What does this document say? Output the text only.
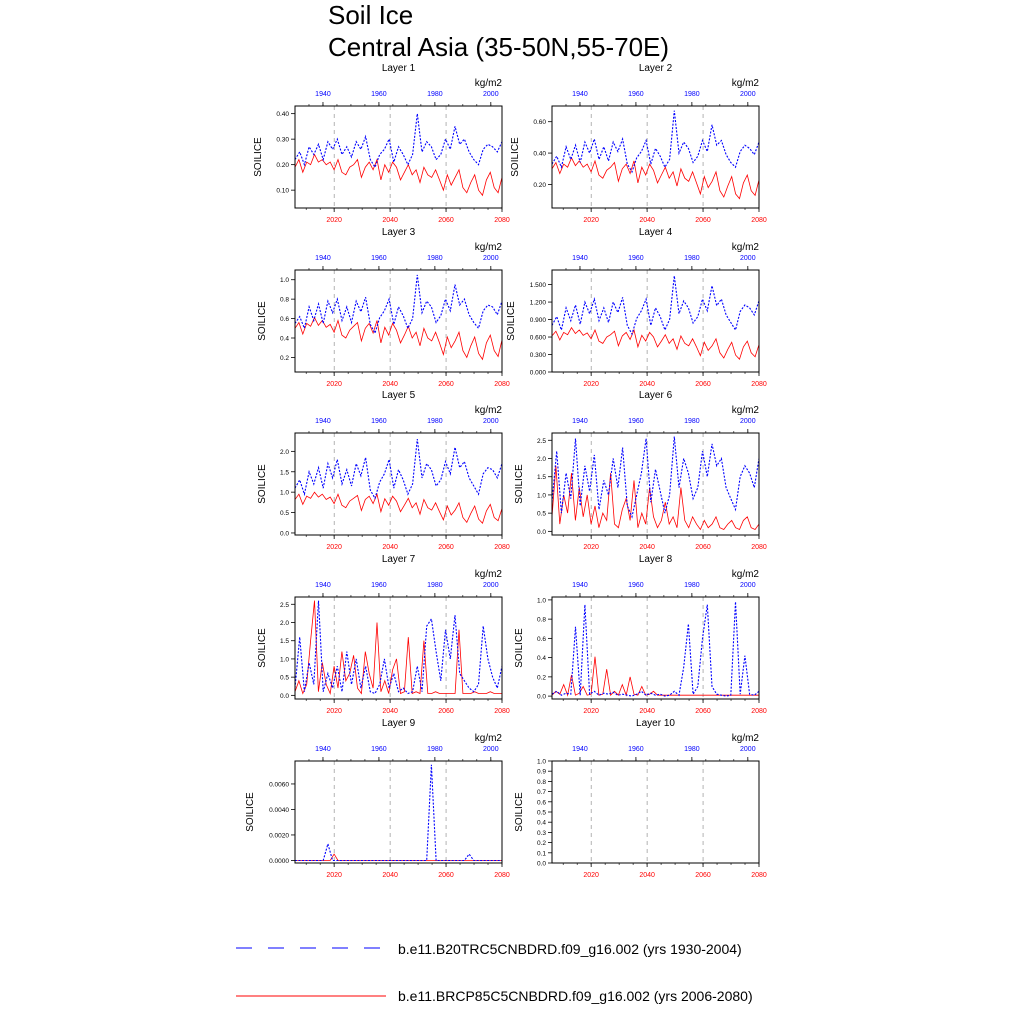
Soil Ice
Central Asia (35-50N,55-70E)
Layer 1
kg/m2
1940	1960	1980	2000
2020	2040	2060	2080
0.10
0.20
0.30
0.40
SOILICE
Layer 2
kg/m2
1940	1960	1980	2000
2020	2040	2060	2080
0.20
0.40
0.60
SOILICE
Layer 3
kg/m2
1940	1960	1980	2000
2020	2040	2060	2080
0.2
0.4
0.6
0.8
1.0
SOILICE
Layer 4
kg/m2
1940	1960	1980	2000
2020	2040	2060	2080
0.000
0.300
0.600
0.900
1.200
1.500
SOILICE
Layer 5
kg/m2
1940	1960	1980	2000
2020	2040	2060	2080
0.0
0.5
1.0
1.5
2.0
SOILICE
Layer 6
kg/m2
1940	1960	1980	2000
2020	2040	2060	2080
0.0
0.5
1.0
1.5
2.0
2.5
SOILICE
Layer 7
kg/m2
1940	1960	1980	2000
2020	2040	2060	2080
0.0
0.5
1.0
1.5
2.0
2.5
SOILICE
Layer 8
kg/m2
1940	1960	1980	2000
2020	2040	2060	2080
0.0
0.2
0.4
0.6
0.8
1.0
SOILICE
Layer 9
kg/m2
1940	1960	1980	2000
2020	2040	2060	2080
0.0000
0.0020
0.0040
0.0060
SOILICE
Layer 10
kg/m2
1940	1960	1980	2000
2020	2040	2060	2080
0.0
0.1
0.2
0.3
0.4
0.5
0.6
0.7
0.8
0.9
1.0
SOILICE
b.e11.B20TRC5CNBDRD.f09_g16.002 (yrs 1930-2004)
b.e11.BRCP85C5CNBDRD.f09_g16.002 (yrs 2006-2080)
